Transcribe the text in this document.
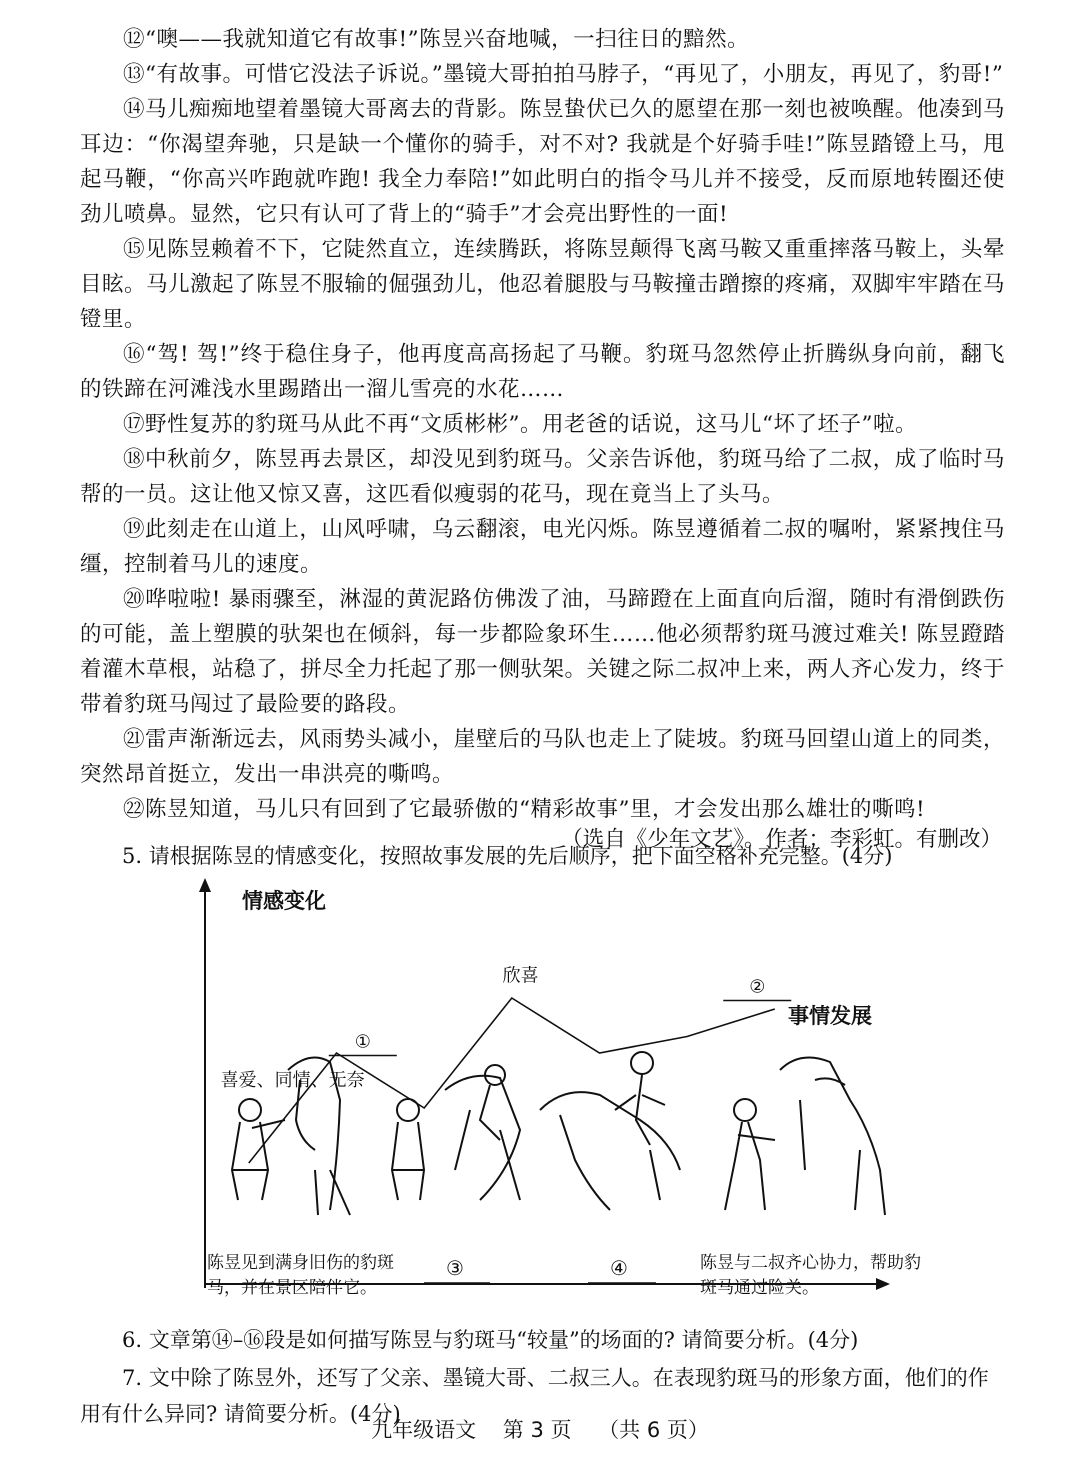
⑫“噢——我就知道它有故事!”陈昱兴奋地喊，一扫往日的黯然。

⑬“有故事。可惜它没法子诉说。”墨镜大哥拍拍马脖子，“再见了，小朋友，再见了，豹哥!”

⑭马儿痴痴地望着墨镜大哥离去的背影。陈昱蛰伏已久的愿望在那一刻也被唤醒。他凑到马耳边：“你渴望奔驰，只是缺一个懂你的骑手，对不对? 我就是个好骑手哇!”陈昱踏镫上马，甩起马鞭，“你高兴咋跑就咋跑! 我全力奉陪!”如此明白的指令马儿并不接受，反而原地转圈还使劲儿喷鼻。显然，它只有认可了背上的“骑手”才会亮出野性的一面!

⑮见陈昱赖着不下，它陡然直立，连续腾跃，将陈昱颠得飞离马鞍又重重摔落马鞍上，头晕目眩。马儿激起了陈昱不服输的倔强劲儿，他忍着腿股与马鞍撞击蹭擦的疼痛，双脚牢牢踏在马镫里。

⑯“驾! 驾!”终于稳住身子，他再度高高扬起了马鞭。豹斑马忽然停止折腾纵身向前，翻飞的铁蹄在河滩浅水里踢踏出一溜儿雪亮的水花……

⑰野性复苏的豹斑马从此不再“文质彬彬”。用老爸的话说，这马儿“坏了坯子”啦。

⑱中秋前夕，陈昱再去景区，却没见到豹斑马。父亲告诉他，豹斑马给了二叔，成了临时马帮的一员。这让他又惊又喜，这匹看似瘦弱的花马，现在竟当上了头马。

⑲此刻走在山道上，山风呼啸，乌云翻滚，电光闪烁。陈昱遵循着二叔的嘱咐，紧紧拽住马缰，控制着马儿的速度。

⑳哗啦啦! 暴雨骤至，淋湿的黄泥路仿佛泼了油，马蹄蹬在上面直向后溜，随时有滑倒跌伤的可能，盖上塑膜的驮架也在倾斜，每一步都险象环生……他必须帮豹斑马渡过难关! 陈昱蹬踏着灌木草根，站稳了，拼尽全力托起了那一侧驮架。关键之际二叔冲上来，两人齐心发力，终于带着豹斑马闯过了最险要的路段。

㉑雷声渐渐远去，风雨势头减小，崖壁后的马队也走上了陡坡。豹斑马回望山道上的同类，突然昂首挺立，发出一串洪亮的嘶鸣。

㉒陈昱知道，马儿只有回到了它最骄傲的“精彩故事”里，才会发出那么雄壮的嘶鸣!

（选自《少年文艺》。作者：李彩虹。有删改）

5. 请根据陈昱的情感变化，按照故事发展的先后顺序，把下面空格补充完整。(4分)

情感变化
事情发展
喜爱、同情、无奈
①
欣喜
②

陈昱见到满身旧伤的豹斑马，并在景区陪伴它。

③	④	陈昱与二叔齐心协力，帮助豹斑马通过险关。

6. 文章第⑭–⑯段是如何描写陈昱与豹斑马“较量”的场面的? 请简要分析。(4分)

7. 文中除了陈昱外，还写了父亲、墨镜大哥、二叔三人。在表现豹斑马的形象方面，他们的作用有什么异同? 请简要分析。(4分)

九年级语文 第 3 页 （共 6 页）
